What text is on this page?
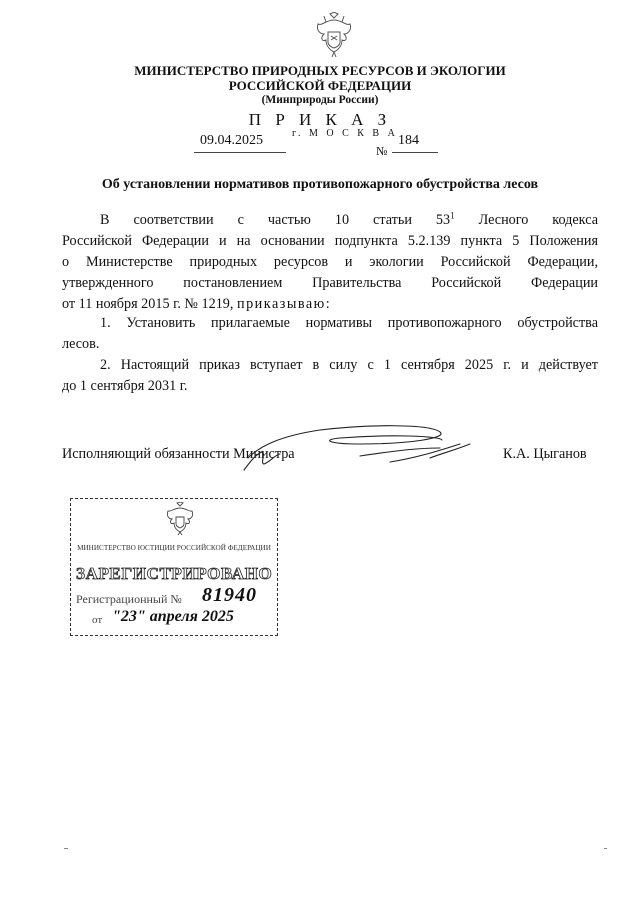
МИНИСТЕРСТВО ПРИРОДНЫХ РЕСУРСОВ И ЭКОЛОГИИ
РОССИЙСКОЙ ФЕДЕРАЦИИ
(Минприроды России)
П Р И К А З
09.04.2025	г. М О С К В А
№
184
Об установлении нормативов противопожарного обустройства лесов
В соответствии с частью 10 статьи $53^1$ Лесного кодекса
Российской Федерации и на основании подпункта 5.2.139 пункта 5 Положения
о Министерстве природных ресурсов и экологии Российской Федерации,
утвержденного постановлением Правительства Российской Федерации
от 11 ноября 2015 г. № 1219, приказываю:
1. Установить прилагаемые нормативы противопожарного обустройства
лесов.
2. Настоящий приказ вступает в силу с 1 сентября 2025 г. и действует
до 1 сентября 2031 г.
Исполняющий обязанности Министра	К.А. Цыганов
МИНИСТЕРСТВО ЮСТИЦИИ РОССИЙСКОЙ ФЕДЕРАЦИИ
ЗАРЕГИСТРИРОВАНО
Регистрационный № 81940
от "23" апреля 2025
